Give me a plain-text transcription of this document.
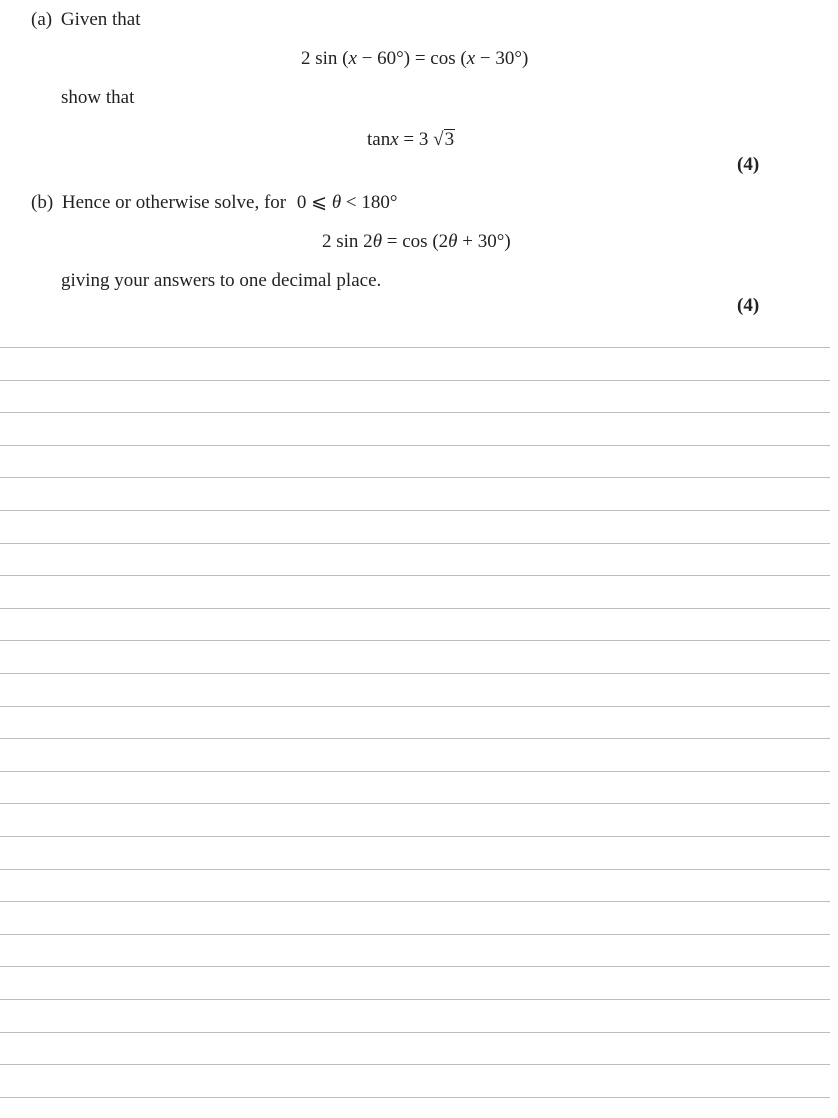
(a) Given that
2 sin (x − 60°) = cos (x − 30°)
show that
tanx = 3 √3
(4)
(b) Hence or otherwise solve, for 0 ⩽ θ < 180°
2 sin 2θ = cos (2θ + 30°)
giving your answers to one decimal place.
(4)
